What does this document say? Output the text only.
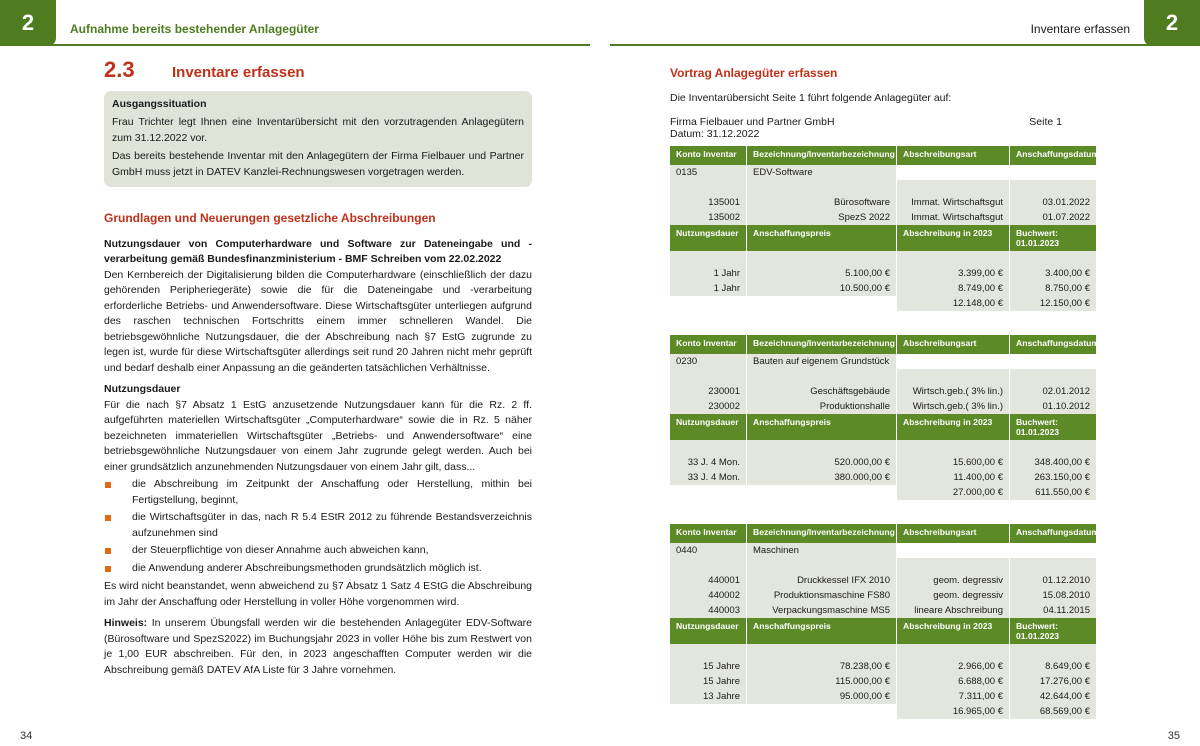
2	Aufnahme bereits bestehender Anlagegüter	Inventare erfassen	2
2.3	Inventare erfassen

Ausgangssituation

Frau Trichter legt Ihnen eine Inventarübersicht mit den vorzutragenden Anlagegütern zum 31.12.2022 vor.

Das bereits bestehende Inventar mit den Anlagegütern der Firma Fielbauer und Partner GmbH muss jetzt in DATEV Kanzlei-Rechnungswesen vorgetragen werden.

Grundlagen und Neuerungen gesetzliche Abschreibungen

Nutzungsdauer von Computerhardware und Software zur Dateneingabe und -verarbeitung gemäß Bundesfinanzministerium - BMF Schreiben vom 22.02.2022

Den Kernbereich der Digitalisierung bilden die Computerhardware (einschließlich der dazu gehörenden Peripheriegeräte) sowie die für die Dateneingabe und -verarbeitung erforderliche Betriebs- und Anwendersoftware. Diese Wirtschaftsgüter unterliegen aufgrund des raschen technischen Fortschritts einem immer schnelleren Wandel. Die betriebsgewöhnliche Nutzungsdauer, die der Abschreibung nach §7 EstG zugrunde zu legen ist, wurde für diese Wirtschaftsgüter allerdings seit rund 20 Jahren nicht mehr geprüft und bedarf deshalb einer Anpassung an die geänderten tatsächlichen Verhältnisse.

Nutzungsdauer

Für die nach §7 Absatz 1 EstG anzusetzende Nutzungsdauer kann für die Rz. 2 ff. aufgeführten materiellen Wirtschaftsgüter „Computerhardware“ sowie die in Rz. 5 näher bezeichneten immateriellen Wirtschaftsgüter „Betriebs- und Anwendersoftware“ eine betriebsgewöhnliche Nutzungsdauer von einem Jahr zugrunde gelegt werden. Auch bei einer grundsätzlich anzunehmenden Nutzungsdauer von einem Jahr gilt, dass...

die Abschreibung im Zeitpunkt der Anschaffung oder Herstellung, mithin bei Fertigstellung, beginnt,
die Wirtschaftsgüter in das, nach R 5.4 EStR 2012 zu führende Bestandsverzeichnis aufzunehmen sind
der Steuerpflichtige von dieser Annahme auch abweichen kann,
die Anwendung anderer Abschreibungsmethoden grundsätzlich möglich ist.

Es wird nicht beanstandet, wenn abweichend zu §7 Absatz 1 Satz 4 EStG die Abschreibung im Jahr der Anschaffung oder Herstellung in voller Höhe vorgenommen wird.

Hinweis: In unserem Übungsfall werden wir die bestehenden Anlagegüter EDV-Software (Bürosoftware und SpezS2022) im Buchungsjahr 2023 in voller Höhe bis zum Restwert von je 1,00 EUR abschreiben. Für den, in 2023 angeschafften Computer werden wir die Abschreibung gemäß DATEV AfA Liste für 3 Jahre vornehmen.

Vortrag Anlagegüter erfassen

Die Inventarübersicht Seite 1 führt folgende Anlagegüter auf:

Firma Fielbauer und Partner GmbH	Seite 1

Datum: 31.12.2022

Konto Inventar	Bezeichnung/Inventarbezeichnung	Abschreibungsart	Anschaffungsdatum
0135	EDV-Software		

135001	Bürosoftware	Immat. Wirtschaftsgut	03.01.2022
135002	SpezS 2022	Immat. Wirtschaftsgut	01.07.2022
Nutzungsdauer	Anschaffungspreis	Abschreibung in 2023	Buchwert:
01.01.2023

1 Jahr	5.100,00 €	3.399,00 €	3.400,00 €
1 Jahr	10.500,00 €	8.749,00 €	8.750,00 €
		12.148,00 €	12.150,00 €
Konto Inventar	Bezeichnung/Inventarbezeichnung	Abschreibungsart	Anschaffungsdatum
0230	Bauten auf eigenem Grundstück		

230001	Geschäftsgebäude	Wirtsch.geb.( 3% lin.)	02.01.2012
230002	Produktionshalle	Wirtsch.geb.( 3% lin.)	01.10.2012
Nutzungsdauer	Anschaffungspreis	Abschreibung in 2023	Buchwert:
01.01.2023

33 J. 4 Mon.	520.000,00 €	15.600,00 €	348.400,00 €
33 J. 4 Mon.	380.000,00 €	11.400,00 €	263.150,00 €
		27.000,00 €	611.550,00 €
Konto Inventar	Bezeichnung/Inventarbezeichnung	Abschreibungsart	Anschaffungsdatum
0440	Maschinen		

440001	Druckkessel IFX 2010	geom. degressiv	01.12.2010
440002	Produktionsmaschine FS80	geom. degressiv	15.08.2010
440003	Verpackungsmaschine MS5	lineare Abschreibung	04.11.2015
Nutzungsdauer	Anschaffungspreis	Abschreibung in 2023	Buchwert:
01.01.2023

15 Jahre	78.238,00 €	2.966,00 €	8.649,00 €
15 Jahre	115.000,00 €	6.688,00 €	17.276,00 €
13 Jahre	95.000,00 €	7.311,00 €	42.644,00 €
		16.965,00 €	68.569,00 €
34	35
